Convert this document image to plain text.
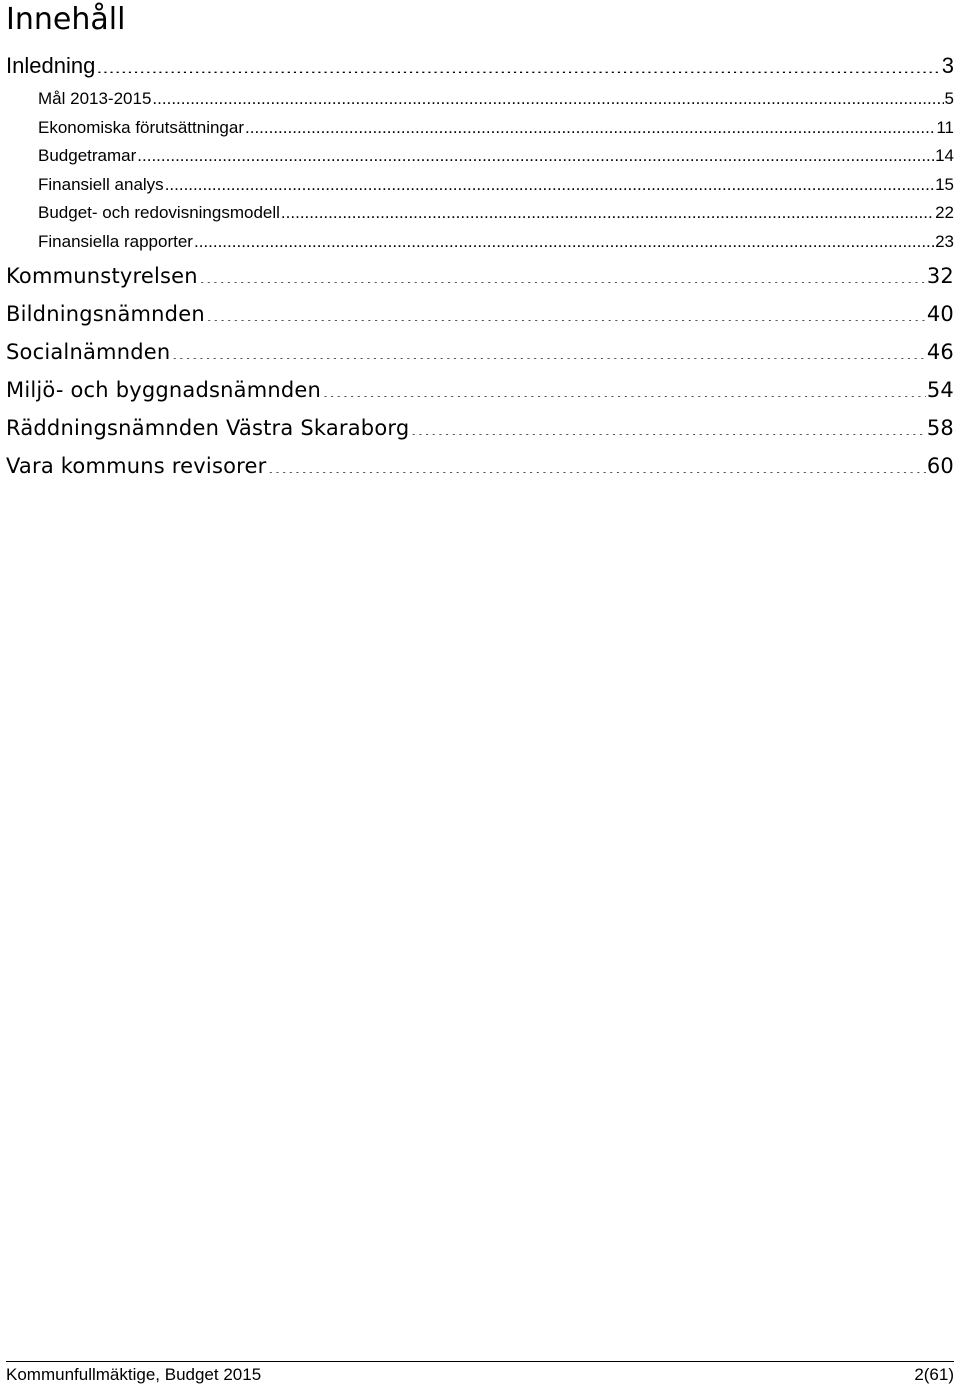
Innehåll
Inledning .....	3
Mål 2013-2015 .....	5
Ekonomiska förutsättningar .....	11
Budgetramar .....	14
Finansiell analys .....	15
Budget- och redovisningsmodell .....	22
Finansiella rapporter .....	23
Kommunstyrelsen .....	32
Bildningsnämnden .....	40
Socialnämnden .....	46
Miljö- och byggnadsnämnden .....	54
Räddningsnämnden Västra Skaraborg .....	58
Vara kommuns revisorer .....	60
Kommunfullmäktige, Budget 2015	2(61)
